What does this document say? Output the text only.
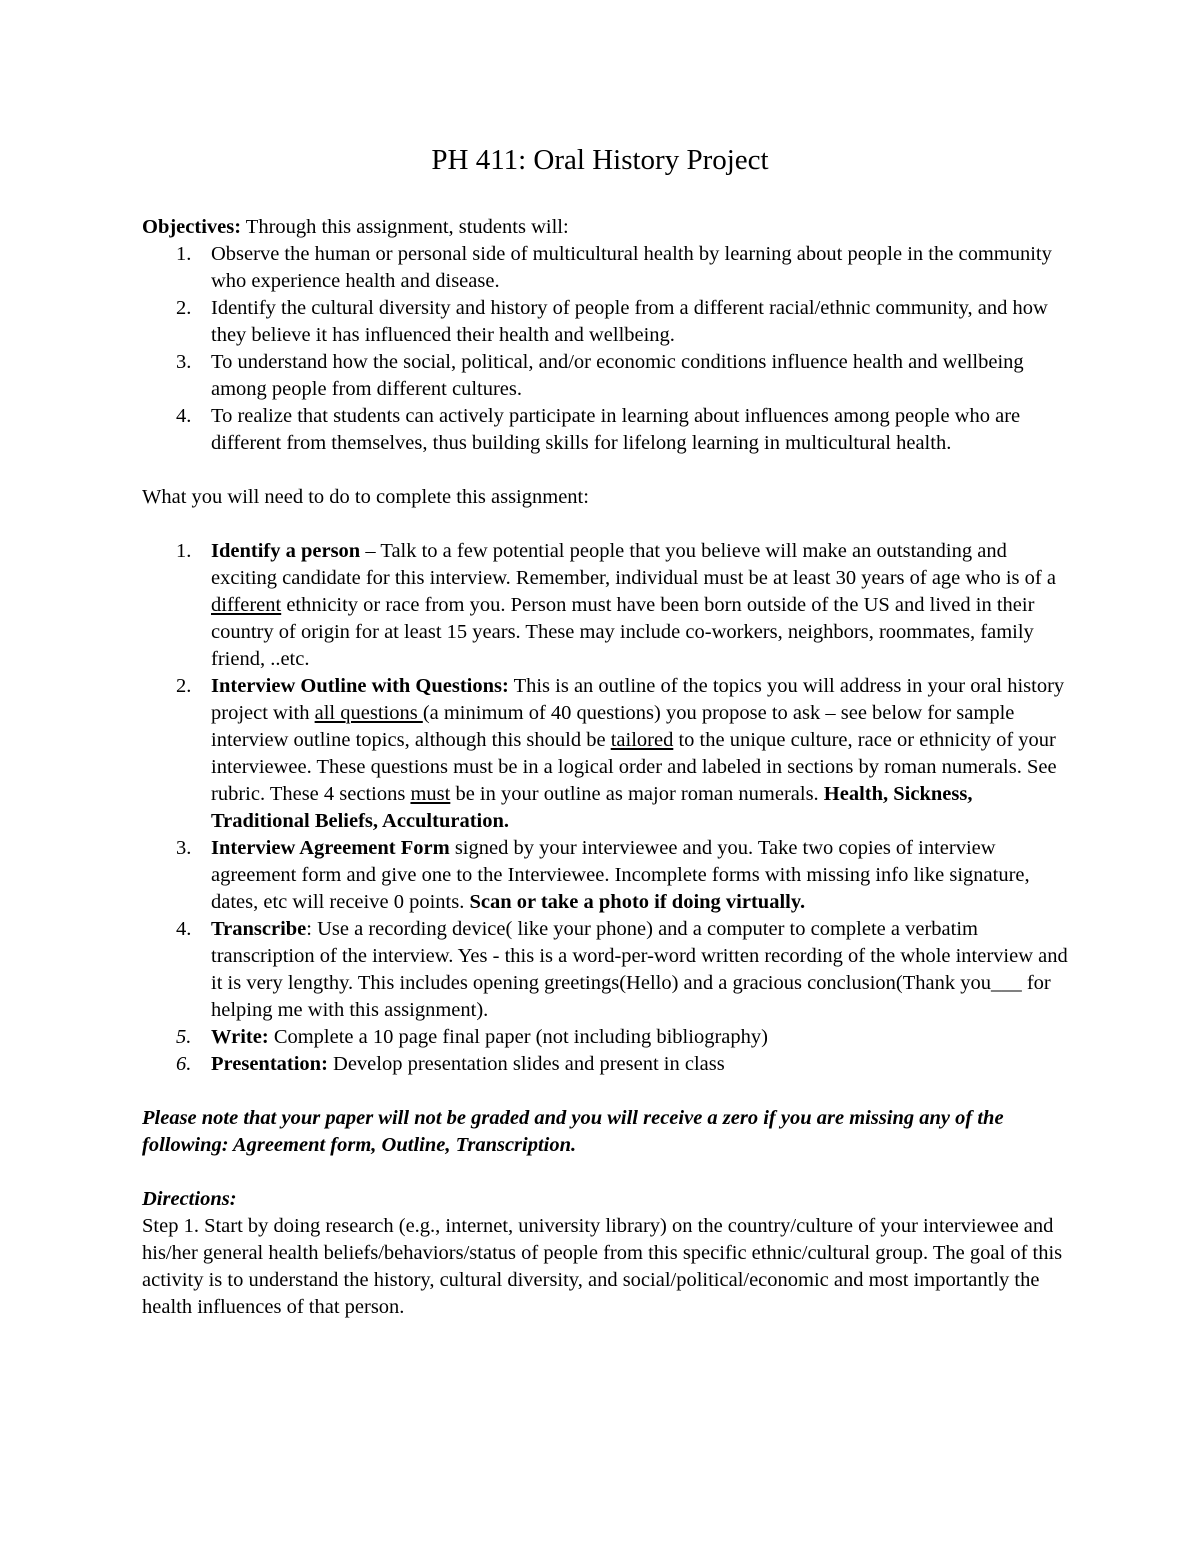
PH 411: Oral History Project

Objectives: Through this assignment, students will:

1. Observe the human or personal side of multicultural health by learning about people in the community who experience health and disease.
2. Identify the cultural diversity and history of people from a different racial/ethnic community, and how they believe it has influenced their health and wellbeing.
3. To understand how the social, political, and/or economic conditions influence health and wellbeing among people from different cultures.
4. To realize that students can actively participate in learning about influences among people who are different from themselves, thus building skills for lifelong learning in multicultural health.

What you will need to do to complete this assignment:

1. Identify a person – Talk to a few potential people that you believe will make an outstanding and exciting candidate for this interview. Remember, individual must be at least 30 years of age who is of a different ethnicity or race from you. Person must have been born outside of the US and lived in their country of origin for at least 15 years. These may include co-workers, neighbors, roommates, family friend, ..etc.
2. Interview Outline with Questions: This is an outline of the topics you will address in your oral history project with all questions (a minimum of 40 questions) you propose to ask – see below for sample interview outline topics, although this should be tailored to the unique culture, race or ethnicity of your interviewee. These questions must be in a logical order and labeled in sections by roman numerals. See rubric. These 4 sections must be in your outline as major roman numerals. Health, Sickness, Traditional Beliefs, Acculturation.
3. Interview Agreement Form signed by your interviewee and you. Take two copies of interview agreement form and give one to the Interviewee. Incomplete forms with missing info like signature, dates, etc will receive 0 points. Scan or take a photo if doing virtually.
4. Transcribe: Use a recording device( like your phone) and a computer to complete a verbatim transcription of the interview. Yes - this is a word-per-word written recording of the whole interview and it is very lengthy. This includes opening greetings(Hello) and a gracious conclusion(Thank you___ for helping me with this assignment).
5. Write: Complete a 10 page final paper (not including bibliography)
6. Presentation: Develop presentation slides and present in class

Please note that your paper will not be graded and you will receive a zero if you are missing any of the following: Agreement form, Outline, Transcription.

Directions:

Step 1. Start by doing research (e.g., internet, university library) on the country/culture of your interviewee and his/her general health beliefs/behaviors/status of people from this specific ethnic/cultural group. The goal of this activity is to understand the history, cultural diversity, and social/political/economic and most importantly the health influences of that person.
